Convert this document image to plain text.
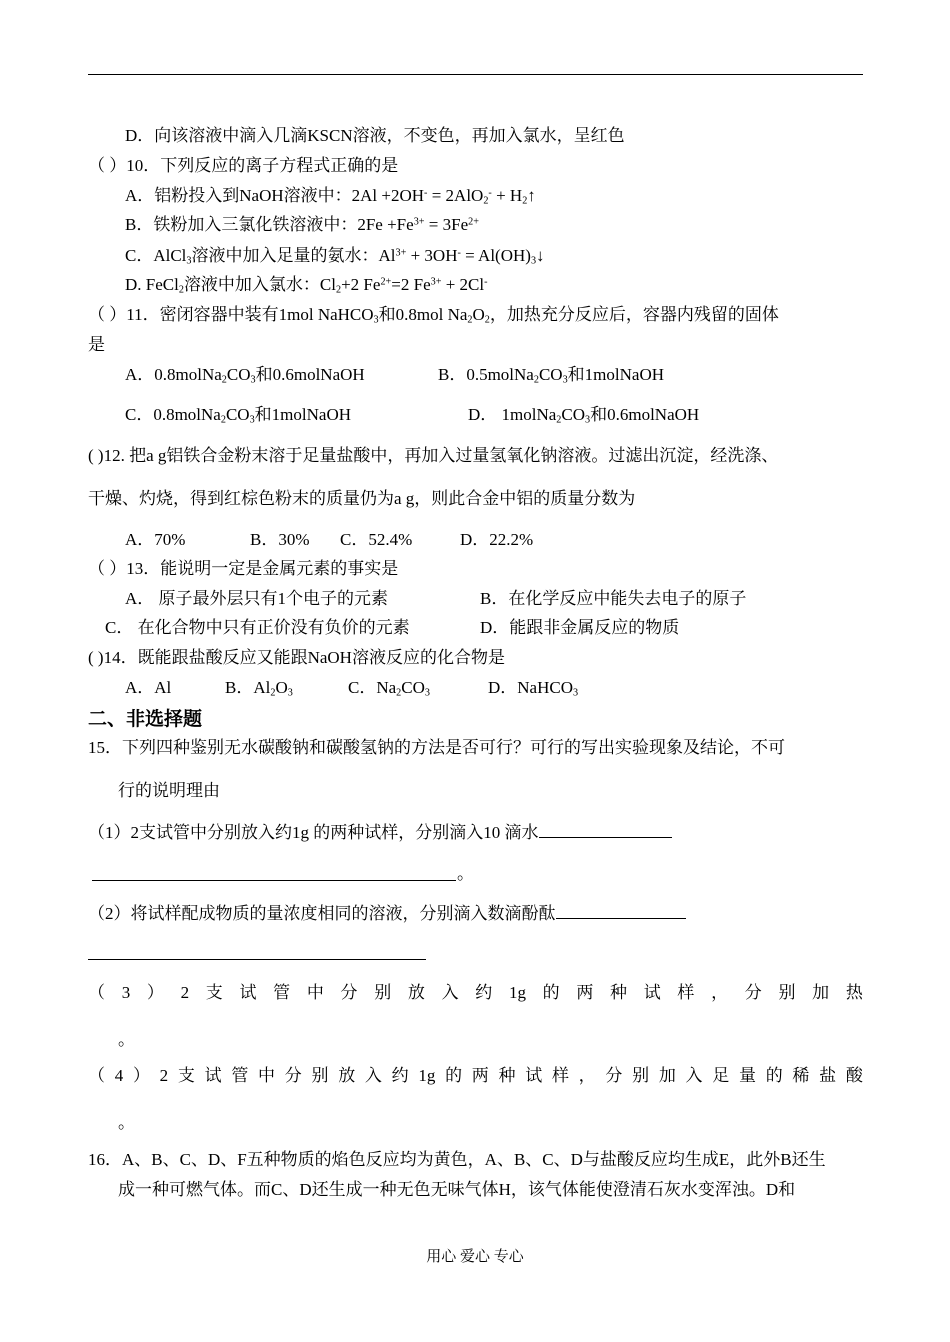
D．向该溶液中滴入几滴KSCN溶液，不变色，再加入氯水，呈红色
（ ）10．下列反应的离子方程式正确的是
A．铝粉投入到NaOH溶液中：$2Al +2OH^- = 2AlO_2^- + H_2↑$
B．铁粉加入三氯化铁溶液中：$2Fe +Fe^{3+} = 3Fe^{2+}$
C．AlCl$_3$溶液中加入足量的氨水：$Al^{3+} + 3OH^-$ = $Al(OH)_3↓$
D. FeCl$_2$溶液中加入氯水：$Cl_2+2$ $Fe^{2+}=2$ $Fe^{3+} + 2Cl^-$
（ ）11．密闭容器中装有1mol NaHCO$_3$和0.8mol $Na_2O_2$，加热充分反应后，容器内残留的固体
是
A．$0.8molNa_2CO_3$和0.6molNaOH	B．$0.5molNa_2CO_3$和1molNaOH
C．$0.8molNa_2CO_3$和1molNaOH	D． $1molNa_2CO_3$和0.6molNaOH
( )12. 把a g铝铁合金粉末溶于足量盐酸中，再加入过量氢氧化钠溶液。过滤出沉淀，经洗涤、
干燥、灼烧，得到红棕色粉末的质量仍为a g，则此合金中铝的质量分数为
A．70%	B．30% C．52.4%	D．22.2%
（ ）13．能说明一定是金属元素的事实是
A． 原子最外层只有1个电子的元素	B．在化学反应中能失去电子的原子
C． 在化合物中只有正价没有负价的元素	D．能跟非金属反应的物质
( )14．既能跟盐酸反应又能跟NaOH溶液反应的化合物是
A．Al	B．$Al_2O_3$	C．$Na_2CO_3$	D．NaHCO$_3$
二、非选择题
15．下列四种鉴别无水碳酸钠和碳酸氢钠的方法是否可行？可行的写出实验现象及结论，不可
行的说明理由
（1）2支试管中分别放入约1g 的两种试样，分别滴入10 滴水
。
（2）将试样配成物质的量浓度相同的溶液，分别滴入数滴酚酞
（ 3 ） 2 支 试 管 中 分 别 放 入 约 1g 的 两 种 试 样 ， 分 别 加 热
。
（ 4 ） 2 支 试 管 中 分 别 放 入 约 1g 的 两 种 试 样 ， 分 别 加 入 足 量 的 稀 盐 酸
。
16．A、B、C、D、F五种物质的焰色反应均为黄色，A、B、C、D与盐酸反应均生成E，此外B还生
成一种可燃气体。而C、D还生成一种无色无味气体H，该气体能使澄清石灰水变浑浊。D和
用心 爱心 专心
